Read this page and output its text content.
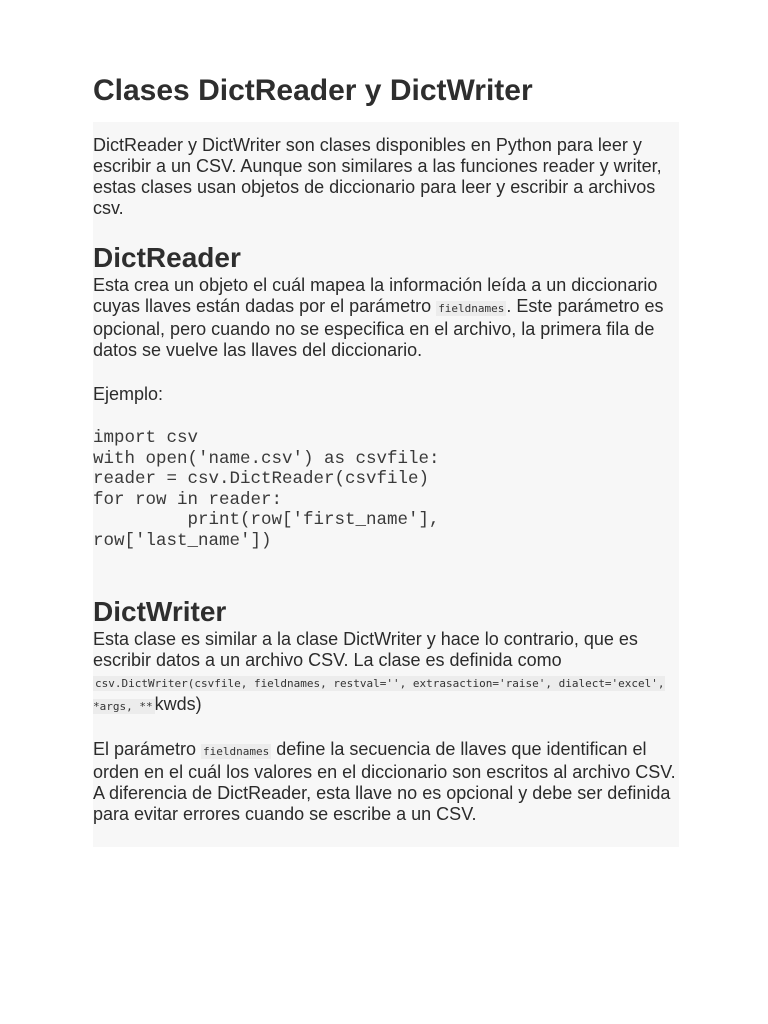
Clases DictReader y DictWriter

DictReader y DictWriter son clases disponibles en Python para leer y escribir a un CSV. Aunque son similares a las funciones reader y writer, estas clases usan objetos de diccionario para leer y escribir a archivos csv.

DictReader

Esta crea un objeto el cuál mapea la información leída a un diccionario cuyas llaves están dadas por el parámetro fieldnames . Este parámetro es opcional, pero cuando no se especifica en el archivo, la primera fila de datos se vuelve las llaves del diccionario.

Ejemplo:

import csv
with open('name.csv') as csvfile:
reader = csv.DictReader(csvfile)
for row in reader:
print(row['first_name'],
row['last_name'])
DictWriter

Esta clase es similar a la clase DictWriter y hace lo contrario, que es escribir datos a un archivo CSV. La clase es definida como csv.DictWriter(csvfile, fieldnames, restval='', extrasaction='raise', dialect='excel', *args, ** kwds)

El parámetro fieldnames define la secuencia de llaves que identifican el orden en el cuál los valores en el diccionario son escritos al archivo CSV. A diferencia de DictReader, esta llave no es opcional y debe ser definida para evitar errores cuando se escribe a un CSV.
